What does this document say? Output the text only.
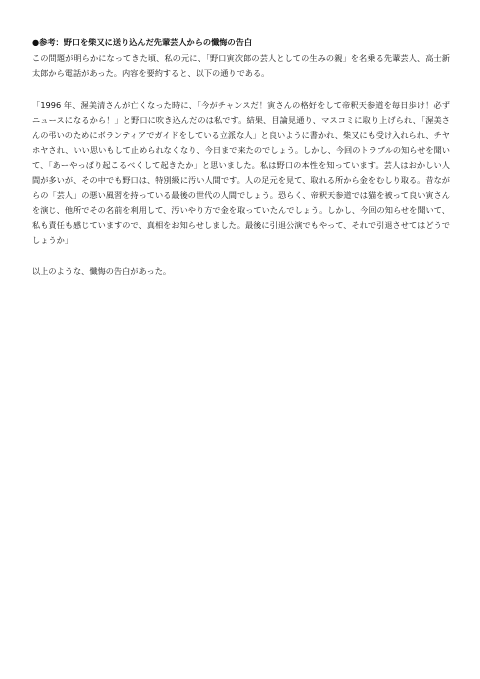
●参考：野口を柴又に送り込んだ先輩芸人からの懺悔の告白

この問題が明らかになってきた頃、私の元に、「野口寅次郎の芸人としての生みの親」を名乗る先輩芸人、高士新太郎から電話があった。内容を要約すると、以下の通りである。

「1996 年、渥美清さんが亡くなった時に、「今がチャンスだ！寅さんの格好をして帝釈天参道を毎日歩け！必ずニュースになるから！」と野口に吹き込んだのは私です。結果、目論見通り、マスコミに取り上げられ、「渥美さんの弔いのためにボランティアでガイドをしている立派な人」と良いように書かれ、柴又にも受け入れられ、チヤホヤされ、いい思いもして止められなくなり、今日まで来たのでしょう。しかし、今回のトラブルの知らせを聞いて、「あーやっぱり起こるべくして起きたか」と思いました。私は野口の本性を知っています。芸人はおかしい人間が多いが、その中でも野口は、特別級に汚い人間です。人の足元を見て、取れる所から金をむしり取る。昔ながらの「芸人」の悪い風習を持っている最後の世代の人間でしょう。恐らく、帝釈天参道では猫を被って良い寅さんを演じ、他所でその名前を利用して、汚いやり方で金を取っていたんでしょう。しかし、今回の知らせを聞いて、私も責任も感じていますので、真相をお知らせしました。最後に引退公演でもやって、それで引退させてはどうでしょうか」

以上のような、懺悔の告白があった。
